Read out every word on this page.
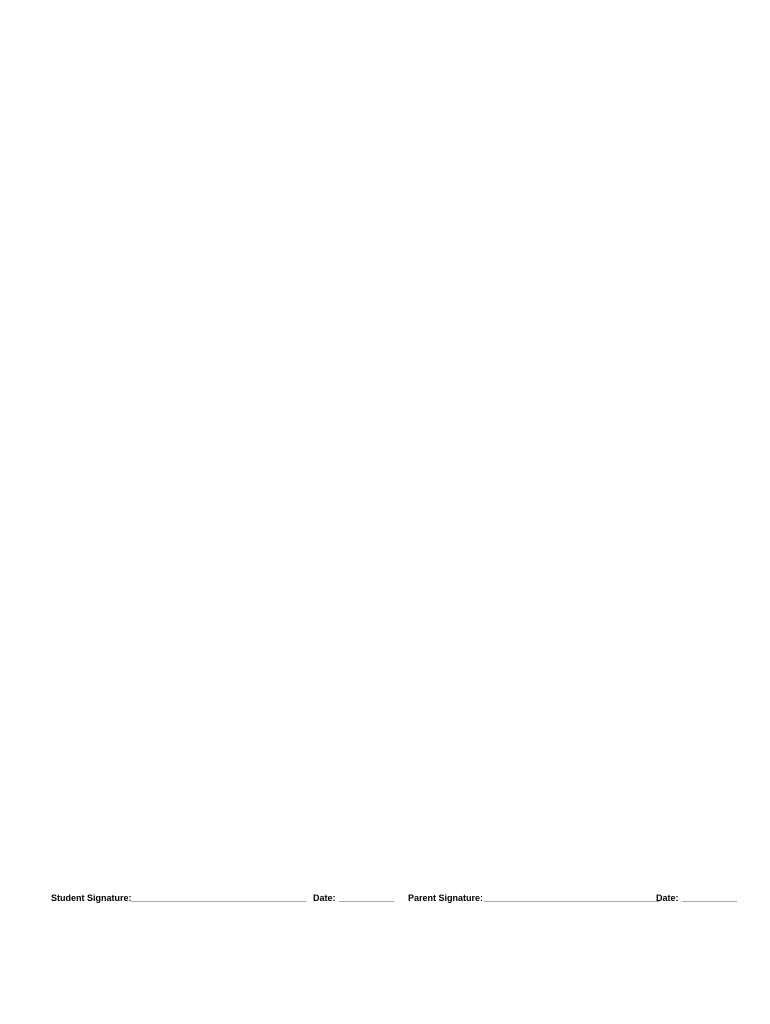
Student Signature: ___________________________________ Date: ___________ Parent Signature: ___________________________________
Date: ___________
